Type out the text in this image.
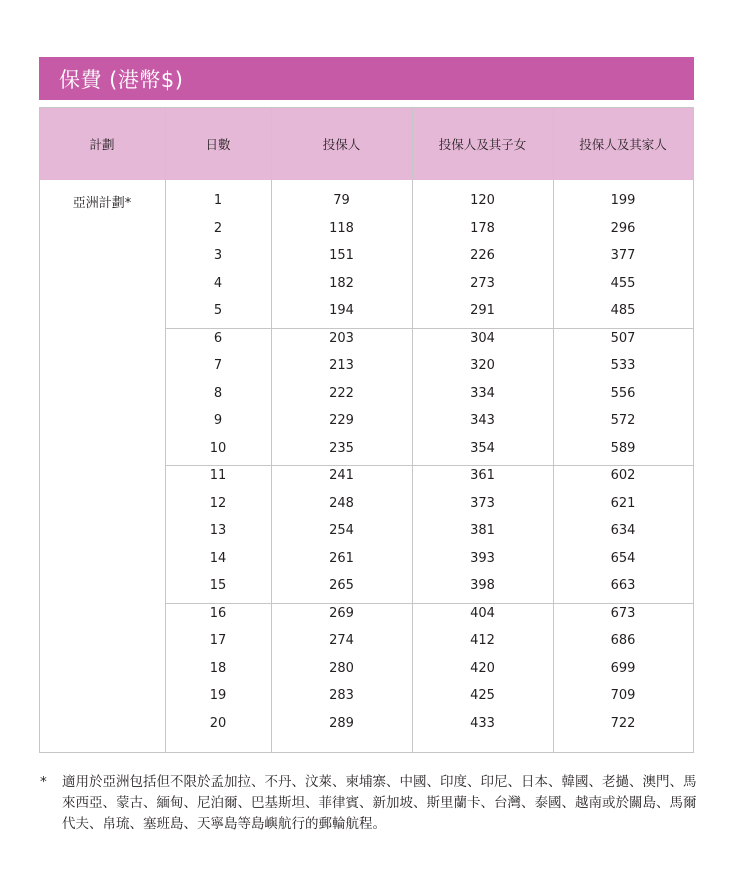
保費 (港幣$)
計劃	日數	投保人	投保人及其子女	投保人及其家人
亞洲計劃*	1	79	120	199
2	118	178	296
3	151	226	377
4	182	273	455
5	194	291	485
6	203	304	507
7	213	320	533
8	222	334	556
9	229	343	572
10	235	354	589
11	241	361	602
12	248	373	621
13	254	381	634
14	261	393	654
15	265	398	663
16	269	404	673
17	274	412	686
18	280	420	699
19	283	425	709
20	289	433	722
* 適用於亞洲包括但不限於孟加拉、不丹、汶萊、柬埔寨、中國、印度、印尼、日本、韓國、老撾、澳門、馬來西亞、蒙古、緬甸、尼泊爾、巴基斯坦、菲律賓、新加坡、斯里蘭卡、台灣、泰國、越南或於關島、馬爾代夫、帛琉、塞班島、天寧島等島嶼航行的郵輪航程。
